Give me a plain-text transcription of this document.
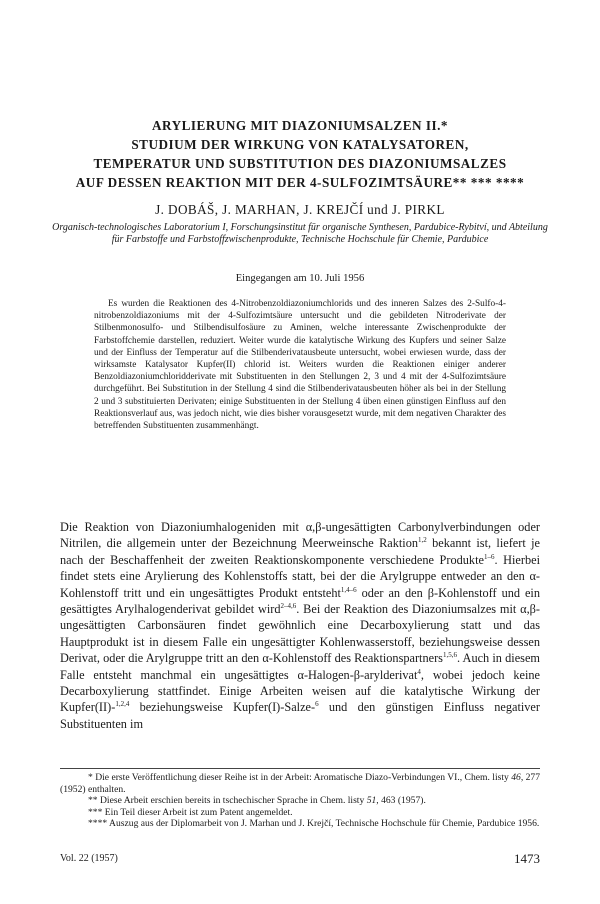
ARYLIERUNG MIT DIAZONIUMSALZEN II.*
STUDIUM DER WIRKUNG VON KATALYSATOREN,
TEMPERATUR UND SUBSTITUTION DES DIAZONIUMSALZES
AUF DESSEN REAKTION MIT DER 4-SULFOZIMTSÄURE** *** ****
J. DOBÁŠ, J. MARHAN, J. KREJČÍ und J. PIRKL
Organisch-technologisches Laboratorium I, Forschungsinstitut für organische Synthesen, Pardubice-Rybitví, und Abteilung für Farbstoffe und Farbstoffzwischenprodukte, Technische Hochschule für Chemie, Pardubice
Eingegangen am 10. Juli 1956

Es wurden die Reaktionen des 4-Nitrobenzoldiazoniumchlorids und des inneren Salzes des 2-Sulfo-4-nitrobenzoldiazoniums mit der 4-Sulfozimtsäure untersucht und die gebildeten Nitroderivate der Stilbenmonosulfo- und Stilbendisulfosäure zu Aminen, welche interessante Zwischenprodukte der Farbstoffchemie darstellen, reduziert. Weiter wurde die katalytische Wirkung des Kupfers und seiner Salze und der Einfluss der Temperatur auf die Stilbenderivatausbeute untersucht, wobei erwiesen wurde, dass der wirksamste Katalysator Kupfer(II) chlorid ist. Weiters wurden die Reaktionen einiger anderer Benzoldiazoniumchloridderivate mit Substituenten in den Stellungen 2, 3 und 4 mit der 4-Sulfozimtsäure durchgeführt. Bei Substitution in der Stellung 4 sind die Stilbenderivatausbeuten höher als bei in der Stellung 2 und 3 substituierten Derivaten; einige Substituenten in der Stellung 4 üben einen günstigen Einfluss auf den Reaktionsverlauf aus, was jedoch nicht, wie dies bisher vorausgesetzt wurde, mit dem negativen Charakter des betreffenden Substituenten zusammenhängt.

Die Reaktion von Diazoniumhalogeniden mit α,β-ungesättigten Carbonylverbindungen oder Nitrilen, die allgemein unter der Bezeichnung Meerweinsche Raktion$^{1,2}$ bekannt ist, liefert je nach der Beschaffenheit der zweiten Reaktionskomponente verschiedene Produkte$^{1-6}$. Hierbei findet stets eine Arylierung des Kohlenstoffs statt, bei der die Arylgruppe entweder an den α-Kohlenstoff tritt und ein ungesättigtes Produkt entsteht$^{1,4-6}$ oder an den β-Kohlenstoff und ein gesättigtes Arylhalogenderivat gebildet wird$^{2-4,6}$. Bei der Reaktion des Diazoniumsalzes mit α,β-ungesättigten Carbonsäuren findet gewöhnlich eine Decarboxylierung statt und das Hauptprodukt ist in diesem Falle ein ungesättigter Kohlenwasserstoff, beziehungsweise dessen Derivat, oder die Arylgruppe tritt an den α-Kohlenstoff des Reaktionspartners$^{1,5,6}$. Auch in diesem Falle entsteht manchmal ein ungesättigtes α-Halogen-β-arylderivat$^4$, wobei jedoch keine Decarboxylierung stattfindet. Einige Arbeiten weisen auf die katalytische Wirkung der Kupfer(II)-$^{1,2,4}$ beziehungsweise Kupfer(I)-Salze-$^6$ und den günstigen Einfluss negativer Substituenten im

* Die erste Veröffentlichung dieser Reihe ist in der Arbeit: Aromatische Diazo-Verbindungen VI., Chem. listy 46, 277 (1952) enthalten.

** Diese Arbeit erschien bereits in tschechischer Sprache in Chem. listy 51, 463 (1957).

*** Ein Teil dieser Arbeit ist zum Patent angemeldet.

**** Auszug aus der Diplomarbeit von J. Marhan und J. Krejčí, Technische Hochschule für Chemie, Pardubice 1956.

Vol. 22 (1957)	1473
